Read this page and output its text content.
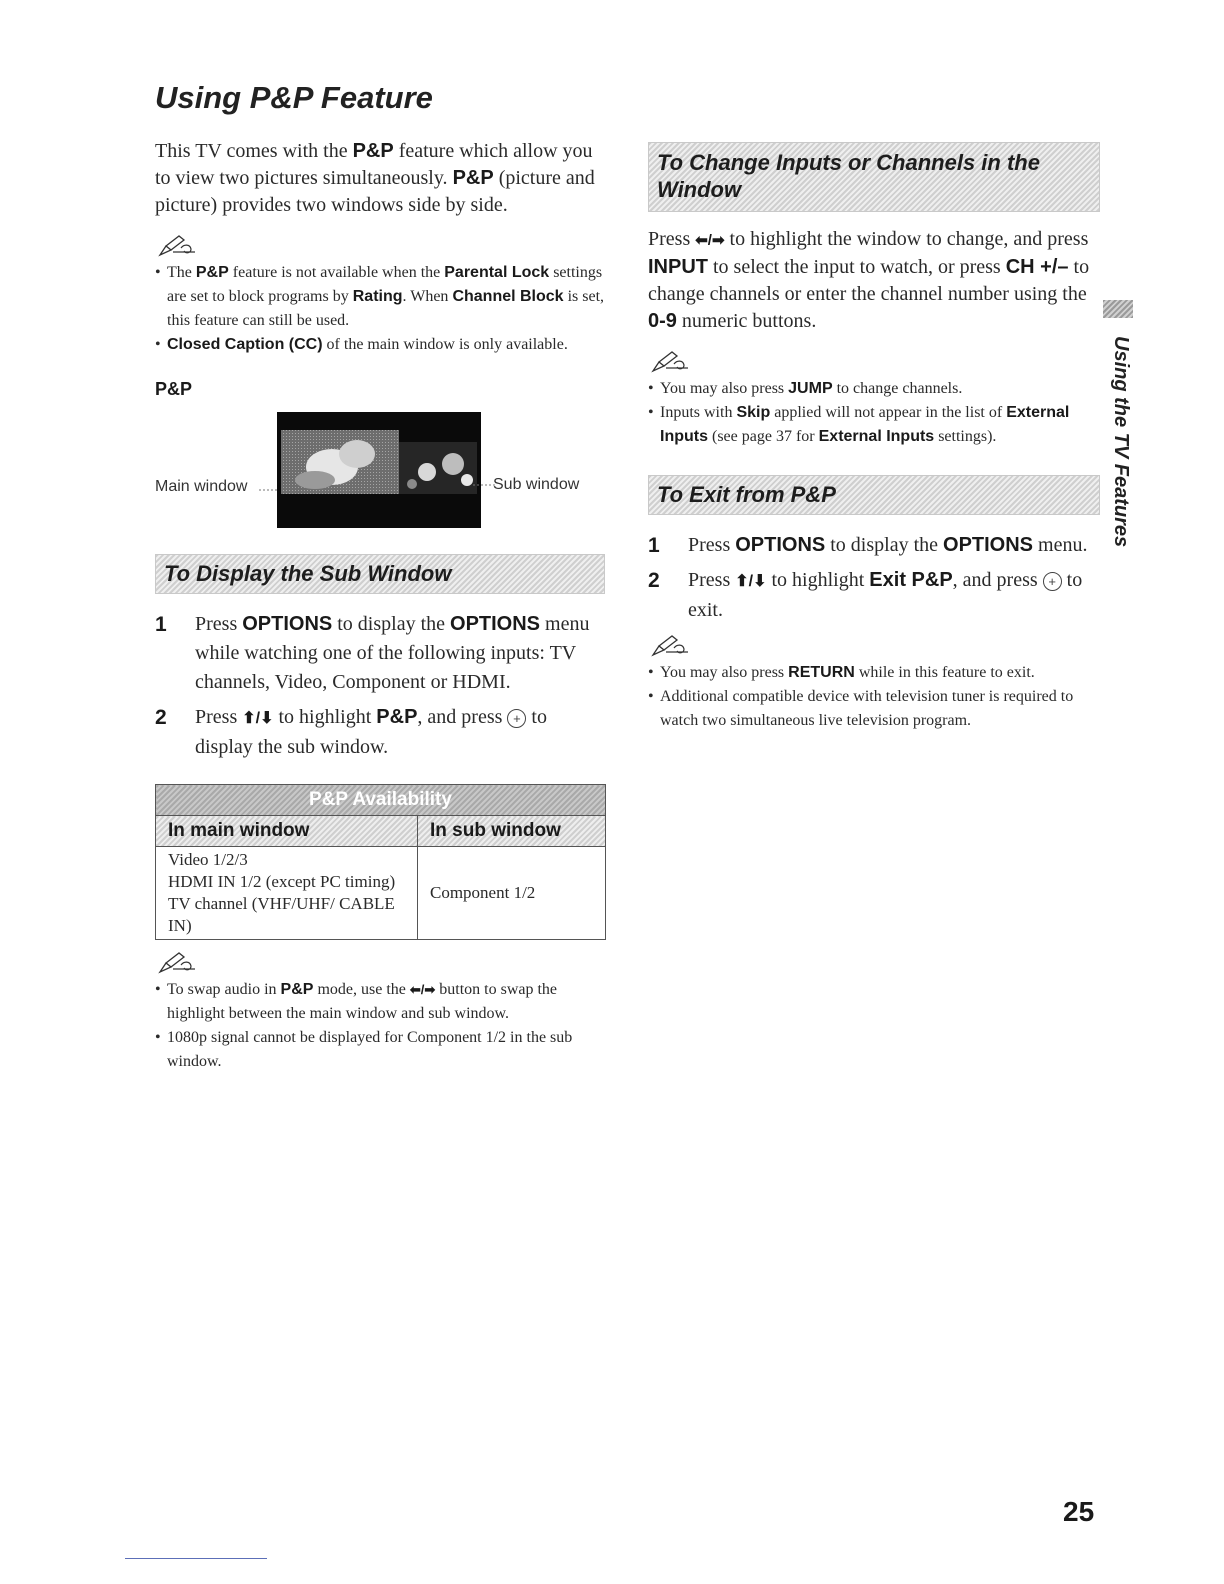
Using P&P Feature

This TV comes with the P&P feature which allow you to view two pictures simultaneously. P&P (picture and picture) provides two windows side by side.

• The P&P feature is not available when the Parental Lock settings are set to block programs by Rating. When Channel Block is set, this feature can still be used.
• Closed Caption (CC) of the main window is only available.

P&P

Main window	Sub window
To Display the Sub Window
1 Press OPTIONS to display the OPTIONS menu while watching one of the following inputs: TV channels, Video, Component or HDMI.
2 Press ⬆/⬇ to highlight P&P, and press + to display the sub window.
P&P Availability	
In main window	In sub window

Video 1/2/3
HDMI IN 1/2 (except PC timing)
TV channel (VHF/UHF/ CABLE IN)	Component 1/2
• To swap audio in P&P mode, use the ⬅/➡ button to swap the highlight between the main window and sub window.
• 1080p signal cannot be displayed for Component 1/2 in the sub window.
To Change Inputs or Channels in the Window

Press ⬅/➡ to highlight the window to change, and press INPUT to select the input to watch, or press CH +/– to change channels or enter the channel number using the 0-9 numeric buttons.

• You may also press JUMP to change channels.
• Inputs with Skip applied will not appear in the list of External Inputs (see page 37 for External Inputs settings).
To Exit from P&P
1 Press OPTIONS to display the OPTIONS menu.
2 Press ⬆/⬇ to highlight Exit P&P, and press + to exit.
• You may also press RETURN while in this feature to exit.
• Additional compatible device with television tuner is required to watch two simultaneous live television program.
Using the TV Features
25
